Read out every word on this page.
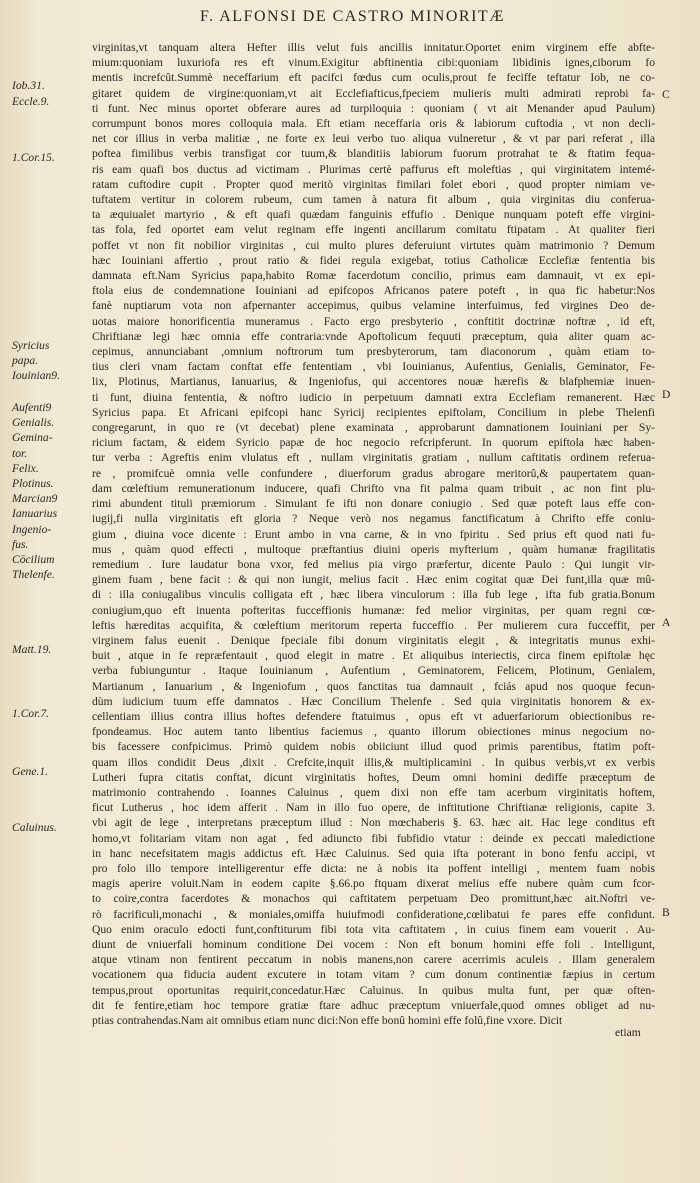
F. ALFONSI DE CASTRO MINORITÆ
virginitas,vt tanquam altera Hefter illis velut fuis ancillis innitatur.Oportet enim virginem effe abfte-
mium:quoniam luxuriofa res eft vinum.Exigitur abftinentia cibi:quoniam libidinis ignes,ciborum fo
mentis increfcût.Summè neceffarium eft pacifci fœdus cum oculis,prout fe feciffe teftatur Iob, ne co-
gitaret quidem de virgine:quoniam,vt ait Ecclefiafticus,fpeciem mulieris multi admirati reprobi fa-
ti funt. Nec minus oportet obferare aures ad turpiloquia : quoniam ( vt ait Menander apud Paulum)
corrumpunt bonos mores colloquia mala. Eft etiam neceffaria oris & labiorum cuftodia , vt non decli-
net cor illius in verba malitiæ , ne forte ex leui verbo tuo aliqua vulneretur , & vt par pari referat , illa
poftea fimilibus verbis transfigat cor tuum,& blanditiis labiorum fuorum protrahat te & ftatim fequa-
ris eam quafi bos ductus ad victimam . Plurimas certè paffurus eft moleftias , qui virginitatem intemé-
ratam cuftodire cupit . Propter quod meritò virginitas fimilari folet ebori , quod propter nimiam ve-
tuftatem vertitur in colorem rubeum, cum tamen à natura fit album , quia virginitas diu conferua-
ta æquiualet martyrio , & eft quafi quædam fanguinis effufio . Denique nunquam poteft effe virgini-
tas fola, fed oportet eam velut reginam effe ingenti ancillarum comitatu ftipatam . At qualiter fieri
poffet vt non fit nobilior virginitas , cui multo plures deferuiunt virtutes quàm matrimonio ? Demum
hæc Iouiniani affertio , prout ratio & fidei regula exigebat, totius Catholicæ Ecclefiæ fententia bis
damnata eft.Nam Syricius papa,habito Romæ facerdotum concilio, primus eam damnauit, vt ex epi-
ftola eius de condemnatione Iouiniani ad epifcopos Africanos patere poteft , in qua fic habetur:Nos
fanè nuptiarum vota non afpernanter accepimus, quibus velamine interfuimus, fed virgines Deo de-
uotas maiore honorificentia muneramus . Facto ergo presbyterio , conftitit doctrinæ noftræ , id eft,
Chriftianæ legi hæc omnia effe contraria:vnde Apoftolicum fequuti præceptum, quia aliter quam ac-
cepimus, annunciabant ,omnium noftrorum tum presbyterorum, tam diaconorum , quàm etiam to-
tius cleri vnam factam conftat effe fententiam , vbi Iouinianus, Aufentius, Genialis, Geminator, Fe-
lix, Plotinus, Martianus, Ianuarius, & Ingeniofus, qui accentores nouæ hærefis & blafphemiæ inuen-
ti funt, diuina fententia, & noftro iudicio in perpetuum damnati extra Ecclefiam remanerent. Hæc
Syricius papa. Et Africani epifcopi hanc Syricij recipientes epiftolam, Concilium in plebe Thelenfi
congregarunt, in quo re (vt decebat) plene examinata , approbarunt damnationem Iouiniani per Sy-
ricium factam, & eidem Syricio papæ de hoc negocio refcripferunt. In quorum epiftola hæc haben-
tur verba : Agreftis enim vlulatus eft , nullam virginitatis gratiam , nullum caftitatis ordinem referua-
re , promifcuè omnia velle confundere , diuerforum gradus abrogare meritorû,& paupertatem quan-
dam cœleftium remunerationum inducere, quafi Chrifto vna fit palma quam tribuit , ac non fint plu-
rimi abundent tituli præmiorum . Simulant fe ifti non donare coniugio . Sed quæ poteft laus effe con-
iugij,fi nulla virginitatis eft gloria ? Neque verò nos negamus fanctificatum à Chrifto effe coniu-
gium , diuina voce dicente : Erunt ambo in vna carne, & in vno fpiritu . Sed prius eft quod nati fu-
mus , quàm quod effecti , multoque præftantius diuini operis myfterium , quàm humanæ fragilitatis
remedium . Iure laudatur bona vxor, fed melius pia virgo præfertur, dicente Paulo : Qui iungit vir-
ginem fuam , bene facit : & qui non iungit, melius facit . Hæc enim cogitat quæ Dei funt,illa quæ mû-
di : illa coniugalibus vinculis colligata eft , hæc libera vinculorum : illa fub lege , ifta fub gratia.Bonum
coniugium,quo eft inuenta pofteritas fucceffionis humanæ: fed melior virginitas, per quam regni cœ-
leftis hæreditas acquifita, & cœleftium meritorum reperta fucceffio . Per mulierem cura fucceffit, per
virginem falus euenit . Denique fpeciale fibi donum virginitatis elegit , & integritatis munus exhi-
buit , atque in fe repræfentauit , quod elegit in matre . Et aliquibus interiectis, circa finem epiftolæ hęc
verba fubiunguntur . Itaque Iouinianum , Aufentium , Geminatorem, Felicem, Plotinum, Genialem,
Martianum , Ianuarium , & Ingeniofum , quos fanctitas tua damnauit , fciás apud nos quoque fecun-
dùm iudicium tuum effe damnatos . Hæc Concilium Thelenfe . Sed quia virginitatis honorem & ex-
cellentiam illius contra illius hoftes defendere ftatuimus , opus eft vt aduerfariorum obiectionibus re-
fpondeamus. Hoc autem tanto libentius faciemus , quanto illorum obiectiones minus negocium no-
bis facessere confpicimus. Primò quidem nobis obiiciunt illud quod primis parentibus, ftatim poft-
quam illos condidit Deus ,dixit . Crefcite,inquit illis,& multiplicamini . In quibus verbis,vt ex verbis
Lutheri fupra citatis conftat, dicunt virginitatis hoftes, Deum omni homini dediffe præceptum de
matrimonio contrahendo . Ioannes Caluinus , quem dixi non effe tam acerbum virginitatis hoftem,
ficut Lutherus , hoc idem afferit . Nam in illo fuo opere, de inftitutione Chriftianæ religionis, capite 3.
vbi agit de lege , interpretans præceptum illud : Non mœchaberis §. 63. hæc ait. Hac lege conditus eft
homo,vt folitariam vitam non agat , fed adiuncto fibi fubfidio vtatur : deinde ex peccati maledictione
in hanc necefsitatem magis addictus eft. Hæc Caluinus. Sed quia ifta poterant in bono fenfu accipi, vt
pro folo illo tempore intelligerentur effe dicta: ne à nobis ita poffent intelligi , mentem fuam nobis
magis aperire voluit.Nam in eodem capite §.66.po ftquam dixerat melius effe nubere quàm cum fcor-
to coire,contra facerdotes & monachos qui caftitatem perpetuam Deo promittunt,hæc ait.Noftri ve-
rò facrificuli,monachi , & moniales,omiffa huiufmodi confideratione,cœlibatui fe pares effe confidunt.
Quo enim oraculo edocti funt,conftiturum fibi tota vita caftitatem , in cuius finem eam vouerit . Au-
diunt de vniuerfali hominum conditione Dei vocem : Non eft bonum homini effe foli . Intelligunt,
atque vtinam non fentirent peccatum in nobis manens,non carere acerrimis aculeis . Illam generalem
vocationem qua fiducia audent excutere in totam vitam ? cum donum continentiæ fæpius in certum
tempus,prout oportunitas requirit,concedatur.Hæc Caluinus. In quibus multa funt, per quæ often-
dit fe fentire,etiam hoc tempore gratiæ ftare adhuc præceptum vniuerfale,quod omnes obliget ad nu-
ptias contrahendas.Nam ait omnibus etiam nunc dici:Non effe bonû homini effe folû,fine vxore. Dicit
etiam
Iob.31.
Eccle.9.
1.Cor.15.
Syricius
papa.
Iouinian9.
Aufenti9
Genialis.
Gemina-
tor.
Felix.
Plotinus.
Marcian9
Ianuarius
Ingenio-
fus.
Cōcilium
Thelenfe.
Matt.19.
1.Cor.7.
Gene.1.
Caluinus.
C
D
A
B
